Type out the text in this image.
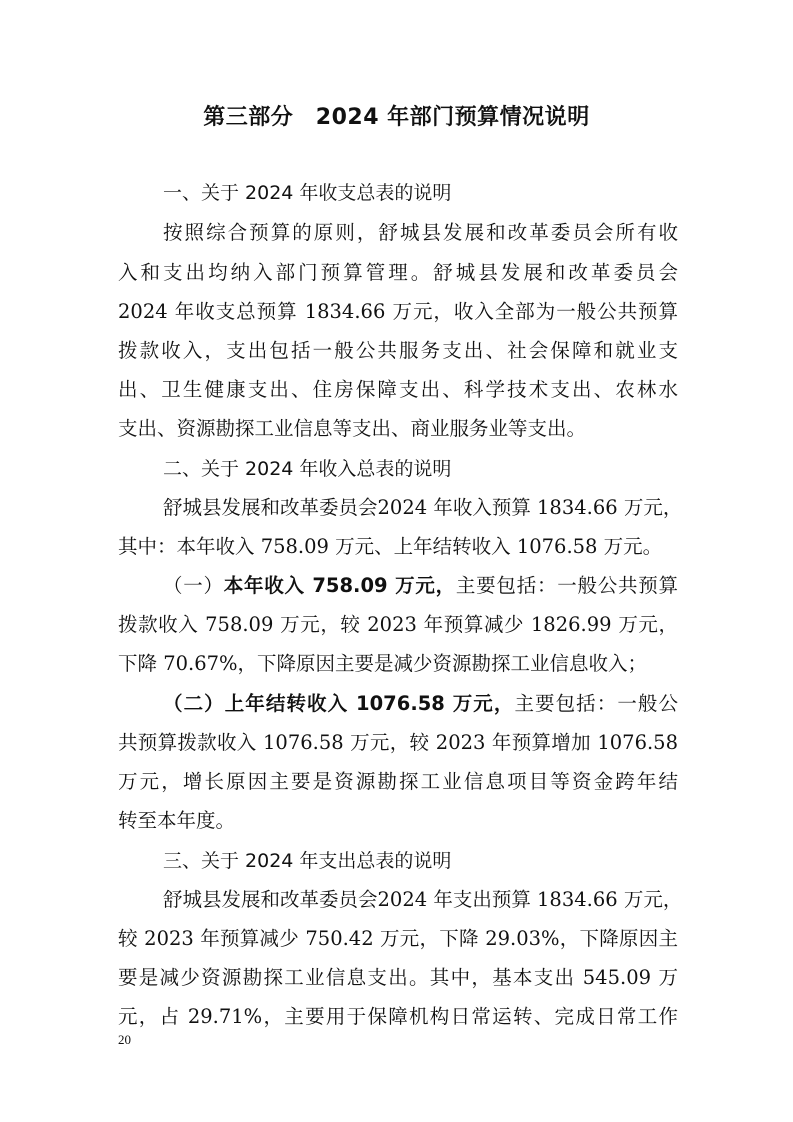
第三部分　2024 年部门预算情况说明
一、关于 2024 年收支总表的说明
按照综合预算的原则，舒城县发展和改革委员会所有收
入和支出均纳入部门预算管理。舒城县发展和改革委员会
2024 年收支总预算 1834.66 万元，收入全部为一般公共预算
拨款收入，支出包括一般公共服务支出、社会保障和就业支
出、卫生健康支出、住房保障支出、科学技术支出、农林水
支出、资源勘探工业信息等支出、商业服务业等支出。
二、关于 2024 年收入总表的说明
舒城县发展和改革委员会2024 年收入预算 1834.66 万元，
其中：本年收入 758.09 万元、上年结转收入 1076.58 万元。
（一）本年收入 758.09 万元，主要包括：一般公共预算
拨款收入 758.09 万元，较 2023 年预算减少 1826.99 万元，
下降 70.67%，下降原因主要是减少资源勘探工业信息收入；
（二）上年结转收入 1076.58 万元，主要包括：一般公
共预算拨款收入 1076.58 万元，较 2023 年预算增加 1076.58
万元，增长原因主要是资源勘探工业信息项目等资金跨年结
转至本年度。
三、关于 2024 年支出总表的说明
舒城县发展和改革委员会2024 年支出预算 1834.66 万元，
较 2023 年预算减少 750.42 万元，下降 29.03%，下降原因主
要是减少资源勘探工业信息支出。其中，基本支出 545.09 万
元，占 29.71%，主要用于保障机构日常运转、完成日常工作
20
